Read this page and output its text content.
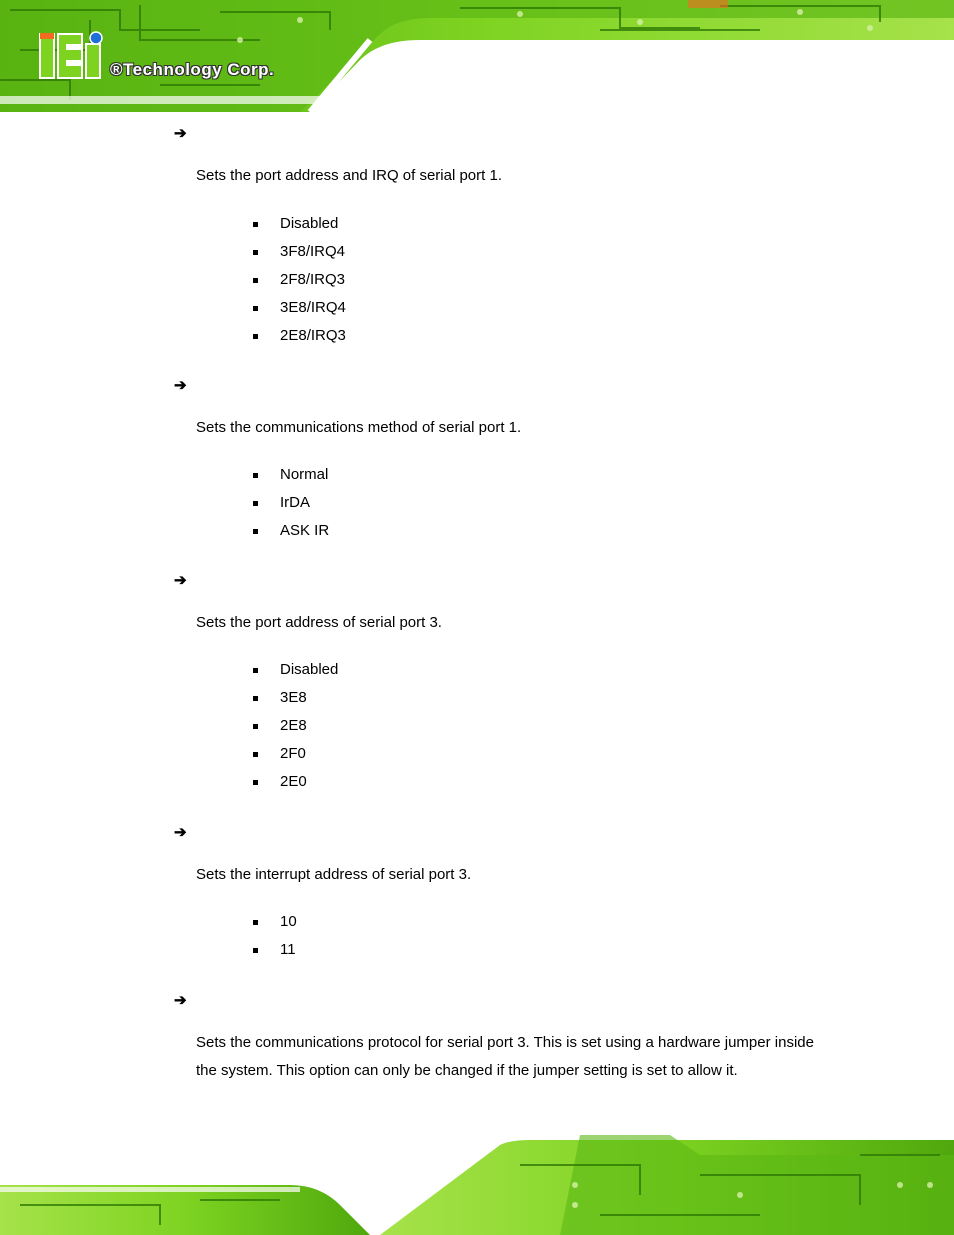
®Technology Corp.
➔
Sets the port address and IRQ of serial port 1.
Disabled
3F8/IRQ4
2F8/IRQ3
3E8/IRQ4
2E8/IRQ3
➔
Sets the communications method of serial port 1.
Normal
IrDA
ASK IR
➔
Sets the port address of serial port 3.
Disabled
3E8
2E8
2F0
2E0
➔
Sets the interrupt address of serial port 3.
10
11
➔
Sets the communications protocol for serial port 3. This is set using a hardware jumper inside the system. This option can only be changed if the jumper setting is set to allow it.
